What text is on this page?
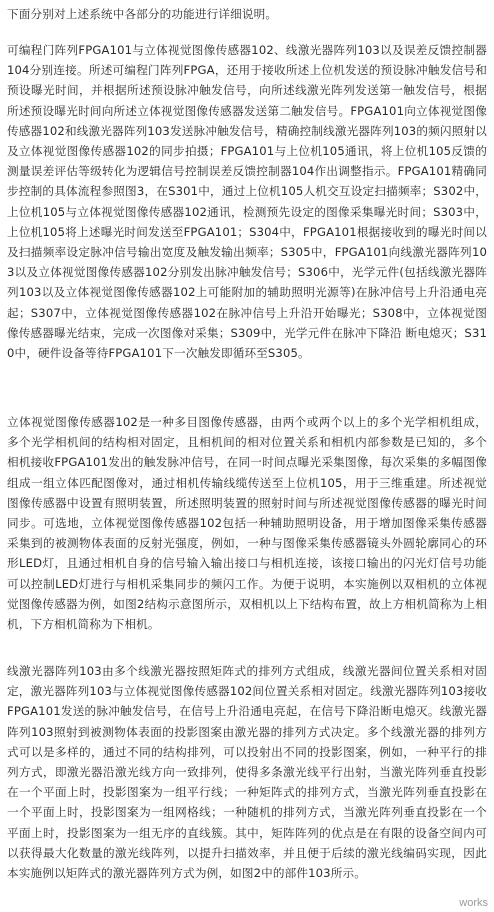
下面分别对上述系统中各部分的功能进行详细说明。

可编程门阵列FPGA101与立体视觉图像传感器102、线激光器阵列103以及误差反馈控制器104分别连接。所述可编程门阵列FPGA，还用于接收所述上位机发送的预设脉冲触发信号和预设曝光时间，并根据所述预设脉冲触发信号，向所述线激光阵列发送第一触发信号，根据所述预设曝光时间向所述立体视觉图像传感器发送第二触发信号。FPGA101向立体视觉图像传感器102和线激光器阵列103发送脉冲触发信号，精确控制线激光器阵列103的频闪照射以及立体视觉图像传感器102的同步拍摄；FPGA101与上位机105通讯，将上位机105反馈的测量误差评估等级转化为逻辑信号控制误差反馈控制器104作出调整指示。FPGA101精确同步控制的具体流程参照图3，在S301中，通过上位机105人机交互设定扫描频率；S302中，上位机105与立体视觉图像传感器102通讯，检测预先设定的图像采集曝光时间；S303中，上位机105将上述曝光时间发送至FPGA101；S304中，FPGA101根据接收到的曝光时间以及扫描频率设定脉冲信号输出宽度及触发输出频率；S305中，FPGA101向线激光器阵列103以及立体视觉图像传感器102分别发出脉冲触发信号；S306中，光学元件(包括线激光器阵列103以及立体视觉图像传感器102上可能附加的辅助照明光源等)在脉冲信号上升沿通电亮起；S307中，立体视觉图像传感器102在脉冲信号上升沿开始曝光；S308中，立体视觉图像传感器曝光结束，完成一次图像对采集；S309中，光学元件在脉冲下降沿 断电熄灭；S310中，硬件设备等待FPGA101下一次触发即循环至S305。

立体视觉图像传感器102是一种多目图像传感器，由两个或两个以上的多个光学相机组成，多个光学相机间的结构相对固定，且相机间的相对位置关系和相机内部参数是已知的，多个相机接收FPGA101发出的触发脉冲信号，在同一时间点曝光采集图像，每次采集的多幅图像组成一组立体匹配图像对，通过相机传输线缆传送至上位机105，用于三维重建。所述视觉图像传感器中设置有照明装置，所述照明装置的照射时间与所述视觉图像传感器的曝光时间同步。可选地，立体视觉图像传感器102包括一种辅助照明设备，用于增加图像采集传感器采集到的被测物体表面的反射光强度，例如，一种与图像采集传感器镜头外圆轮廓同心的环形LED灯，且通过相机自身的信号输入输出接口与相机连接，该接口输出的闪光灯信号功能可以控制LED灯进行与相机采集同步的频闪工作。为便于说明，本实施例以双相机的立体视觉图像传感器为例，如图2结构示意图所示，双相机以上下结构布置，故上方相机简称为上相机，下方相机简称为下相机。

线激光器阵列103由多个线激光器按照矩阵式的排列方式组成，线激光器间位置关系相对固定，激光器阵列103与立体视觉图像传感器102间位置关系相对固定。线激光器阵列103接收FPGA101发送的脉冲触发信号，在信号上升沿通电亮起，在信号下降沿断电熄灭。线激光器阵列103照射到被测物体表面的投影图案由激光器的排列方式决定。多个线激光器的排列方式可以是多样的，通过不同的结构排列，可以投射出不同的投影图案，例如，一种平行的排列方式，即激光器沿激光线方向一致排列，使得多条激光线平行出射，当激光阵列垂直投影在一个平面上时，投影图案为一组平行线；一种矩阵式的排列方式，当激光阵列垂直投影在一个平面上时，投影图案为一组网格线；一种随机的排列方式，当激光阵列垂直投影在一个平面上时，投影图案为一组无序的直线簇。其中，矩阵阵列的优点是在有限的设备空间内可以获得最大化数量的激光线阵列，以提升扫描效率，并且便于后续的激光线编码实现，因此本实施例以矩阵式的激光器阵列方式为例，如图2中的部件103所示。

works
